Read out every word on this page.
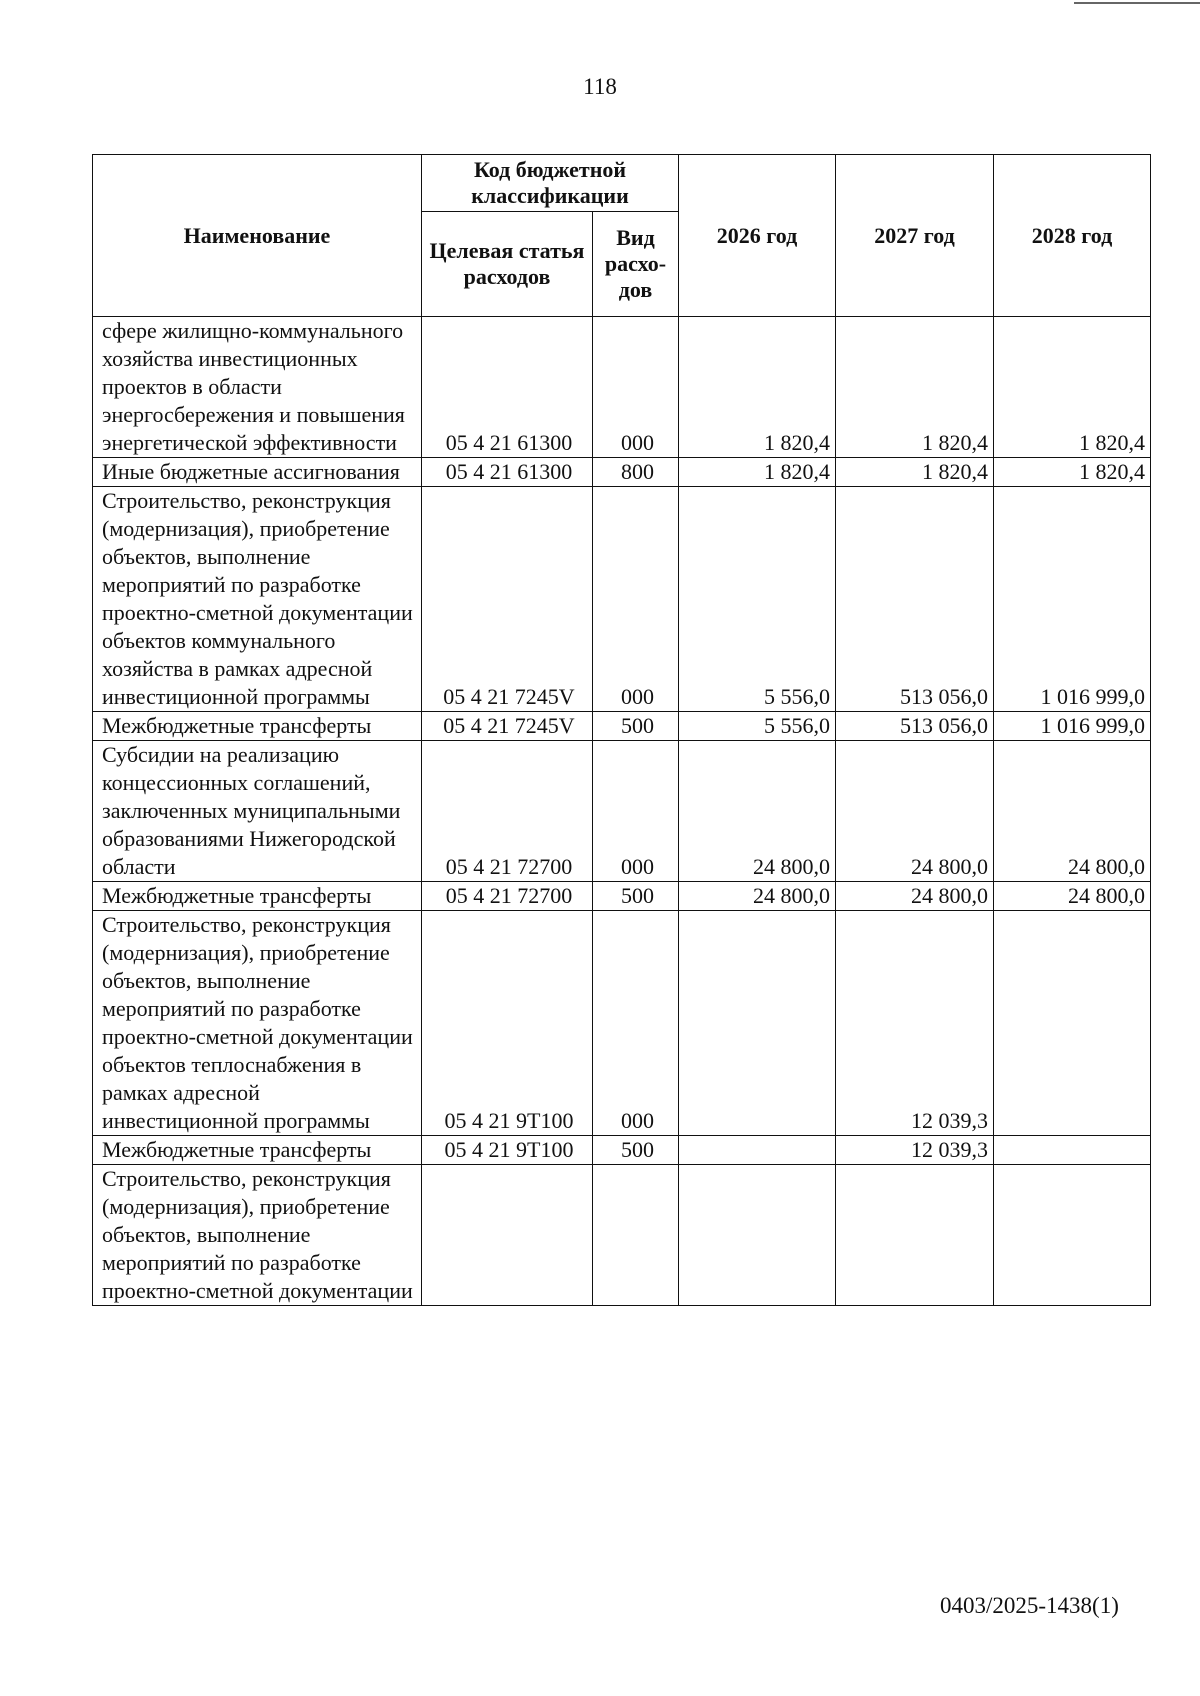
118
Наименование	Код бюджетной классификации		2026 год	2027 год	2028 год
	Целевая статья расходов	Вид расхо-дов			
сфере жилищно-коммунального хозяйства инвестиционных проектов в области энергосбережения и повышения энергетической эффективности	05 4 21 61300	000	1 820,4	1 820,4	1 820,4
Иные бюджетные ассигнования	05 4 21 61300	800	1 820,4	1 820,4	1 820,4
Строительство, реконструкция (модернизация), приобретение объектов, выполнение мероприятий по разработке проектно-сметной документации объектов коммунального хозяйства в рамках адресной инвестиционной программы	05 4 21 7245V	000	5 556,0	513 056,0	1 016 999,0
Межбюджетные трансферты	05 4 21 7245V	500	5 556,0	513 056,0	1 016 999,0
Субсидии на реализацию концессионных соглашений, заключенных муниципальными образованиями Нижегородской области	05 4 21 72700	000	24 800,0	24 800,0	24 800,0
Межбюджетные трансферты	05 4 21 72700	500	24 800,0	24 800,0	24 800,0
Строительство, реконструкция (модернизация), приобретение объектов, выполнение мероприятий по разработке проектно-сметной документации объектов теплоснабжения в рамках адресной инвестиционной программы	05 4 21 9Т100	000		12 039,3	
Межбюджетные трансферты	05 4 21 9Т100	500		12 039,3	
Строительство, реконструкция (модернизация), приобретение объектов, выполнение мероприятий по разработке проектно-сметной документации					
0403/2025-1438(1)
